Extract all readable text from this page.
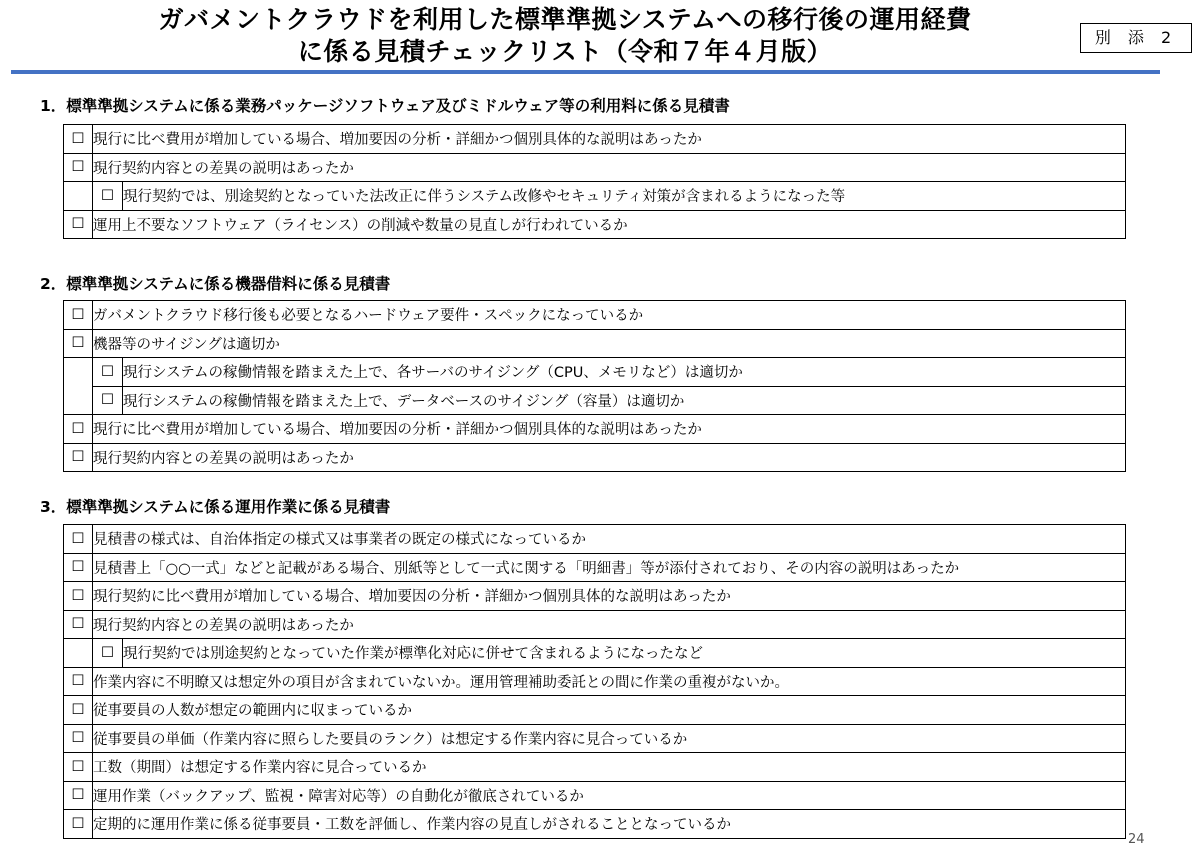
ガバメントクラウドを利用した標準準拠システムへの移行後の運用経費
に係る見積チェックリスト（令和７年４月版）	別 添 2
1．標準準拠システムに係る業務パッケージソフトウェア及びミドルウェア等の利用料に係る見積書
☐	現行に比べ費用が増加している場合、増加要因の分析・詳細かつ個別具体的な説明はあったか	
☐	現行契約内容との差異の説明はあったか	
	☐	現行契約では、別途契約となっていた法改正に伴うシステム改修やセキュリティ対策が含まれるようになった等
☐	運用上不要なソフトウェア（ライセンス）の削減や数量の見直しが行われているか	
2．標準準拠システムに係る機器借料に係る見積書
☐	ガバメントクラウド移行後も必要となるハードウェア要件・スペックになっているか	
☐	機器等のサイジングは適切か	
	☐	現行システムの稼働情報を踏まえた上で、各サーバのサイジング（CPU、メモリなど）は適切か
	☐	現行システムの稼働情報を踏まえた上で、データベースのサイジング（容量）は適切か
☐	現行に比べ費用が増加している場合、増加要因の分析・詳細かつ個別具体的な説明はあったか	
☐	現行契約内容との差異の説明はあったか	
3．標準準拠システムに係る運用作業に係る見積書
☐	見積書の様式は、自治体指定の様式又は事業者の既定の様式になっているか	
☐	見積書上「○○一式」などと記載がある場合、別紙等として一式に関する「明細書」等が添付されており、その内容の説明はあったか	
☐	現行契約に比べ費用が増加している場合、増加要因の分析・詳細かつ個別具体的な説明はあったか	
☐	現行契約内容との差異の説明はあったか	
	☐	現行契約では別途契約となっていた作業が標準化対応に併せて含まれるようになったなど
☐	作業内容に不明瞭又は想定外の項目が含まれていないか。運用管理補助委託との間に作業の重複がないか。	
☐	従事要員の人数が想定の範囲内に収まっているか	
☐	従事要員の単価（作業内容に照らした要員のランク）は想定する作業内容に見合っているか	
☐	工数（期間）は想定する作業内容に見合っているか	
☐	運用作業（バックアップ、監視・障害対応等）の自動化が徹底されているか	
☐	定期的に運用作業に係る従事要員・工数を評価し、作業内容の見直しがされることとなっているか	
24
